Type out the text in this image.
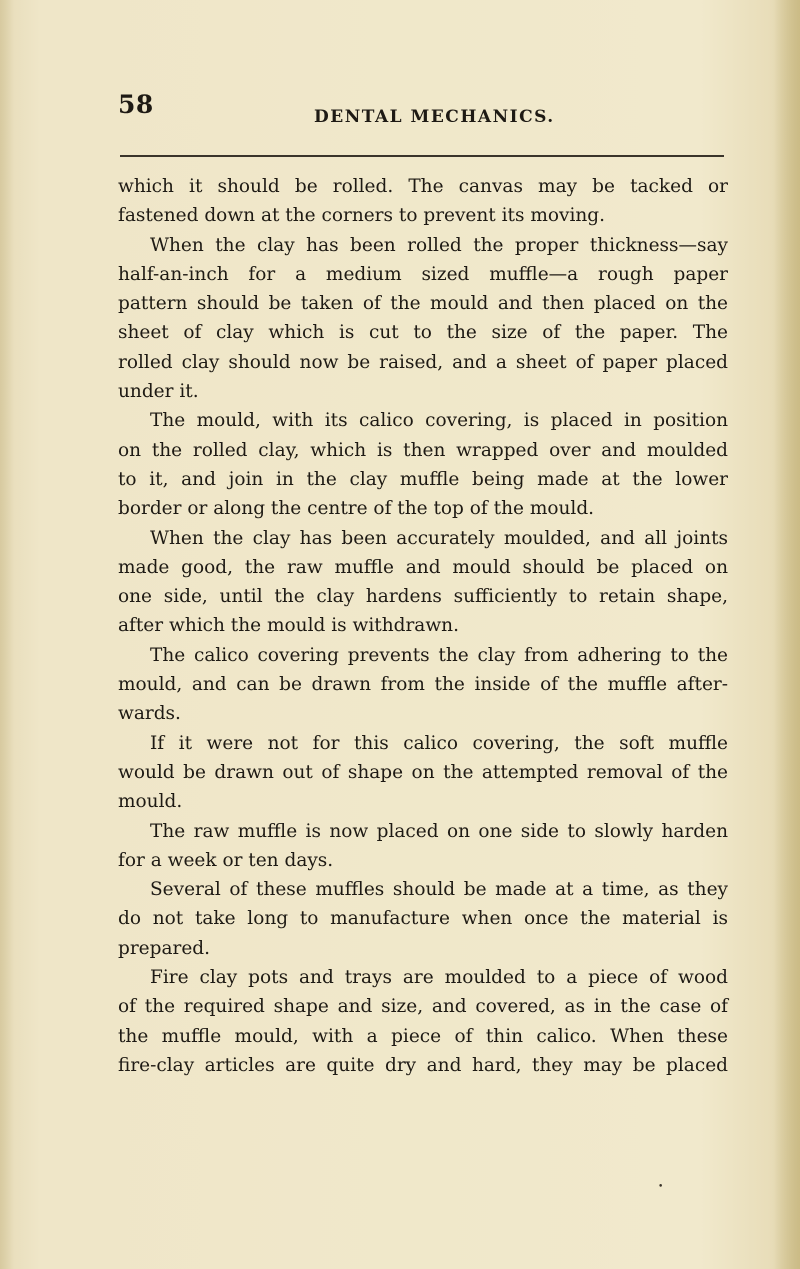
58	DENTAL MECHANICS.
which it should be rolled. The canvas may be tacked or
fastened down at the corners to prevent its moving.
When the clay has been rolled the proper thickness—say
half-an-inch for a medium sized muffle—a rough paper
pattern should be taken of the mould and then placed on the
sheet of clay which is cut to the size of the paper. The
rolled clay should now be raised, and a sheet of paper placed
under it.
The mould, with its calico covering, is placed in position
on the rolled clay, which is then wrapped over and moulded
to it, and join in the clay muffle being made at the lower
border or along the centre of the top of the mould.
When the clay has been accurately moulded, and all joints
made good, the raw muffle and mould should be placed on
one side, until the clay hardens sufficiently to retain shape,
after which the mould is withdrawn.
The calico covering prevents the clay from adhering to the
mould, and can be drawn from the inside of the muffle after-
wards.
If it were not for this calico covering, the soft muffle
would be drawn out of shape on the attempted removal of the
mould.
The raw muffle is now placed on one side to slowly harden
for a week or ten days.
Several of these muffles should be made at a time, as they
do not take long to manufacture when once the material is
prepared.
Fire clay pots and trays are moulded to a piece of wood
of the required shape and size, and covered, as in the case of
the muffle mould, with a piece of thin calico. When these
fire-clay articles are quite dry and hard, they may be placed
•
